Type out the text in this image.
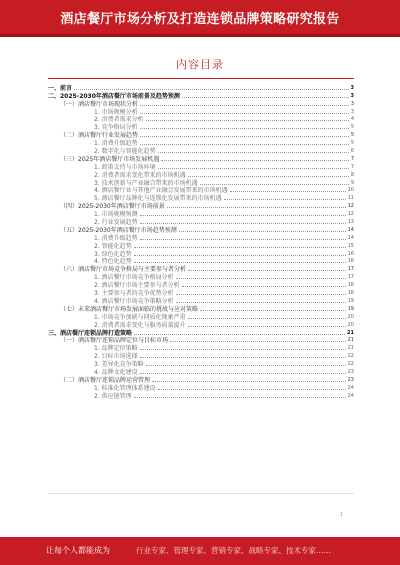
酒店餐厅市场分析及打造连锁品牌策略研究报告
内容目录
一、前言	3
二、2025-2030年酒店餐厅市场前景及趋势预测	3
（一）酒店餐厅市场现状分析	3
1. 市场规模分析	3
2. 消费者需求分析	4
3. 竞争格局分析	5
（二）酒店餐厅行业发展趋势	5
1. 消费升级趋势	5
2. 数字化与智能化趋势	6
（三）2025年酒店餐厅市场发展机遇	7
1. 政策支持与市场环境	7
2. 消费者需求变化带来的市场机遇	8
3. 技术创新与产业融合带来的市场机遇	9
4. 酒店餐厅业与其他产业融合发展带来的市场机遇	10
5. 酒店餐厅品牌化与连锁化发展带来的市场机遇	11
（四）2025-2030年酒店餐厅市场前景	12
1. 市场规模预测	12
2. 行业发展趋势	13
（五）2025-2030年酒店餐厅市场趋势预测	14
1. 消费升级趋势	14
2. 智能化趋势	15
3. 绿色化趋势	16
4. 特色化趋势	16
（六）酒店餐厅市场竞争格局与主要参与者分析	17
1. 酒店餐厅市场竞争格局分析	17
2. 酒店餐厅市场主要参与者分析	18
3. 主要参与者的竞争优势分析	18
4. 酒店餐厅市场竞争策略分析	19
（七）未来酒店餐厅市场发展面临的挑战与应对策略	19
1. 市场竞争加剧与同质化现象严重	20
2. 消费者需求变化与服务质量提升	20
三、酒店餐厅连锁品牌打造策略	21
（一）酒店餐厅连锁品牌定位与目标市场	21
1. 品牌定位策略	21
2. 目标市场选择	22
3. 差异化竞争策略	22
4. 品牌文化建设	23
（二）酒店餐厅连锁品牌运营管理	23
1. 标准化管理体系建设	24
2. 供应链管理	24
1
让每个人都能成为	行业专家、管理专家、营销专家、战略专家、技术专家……
